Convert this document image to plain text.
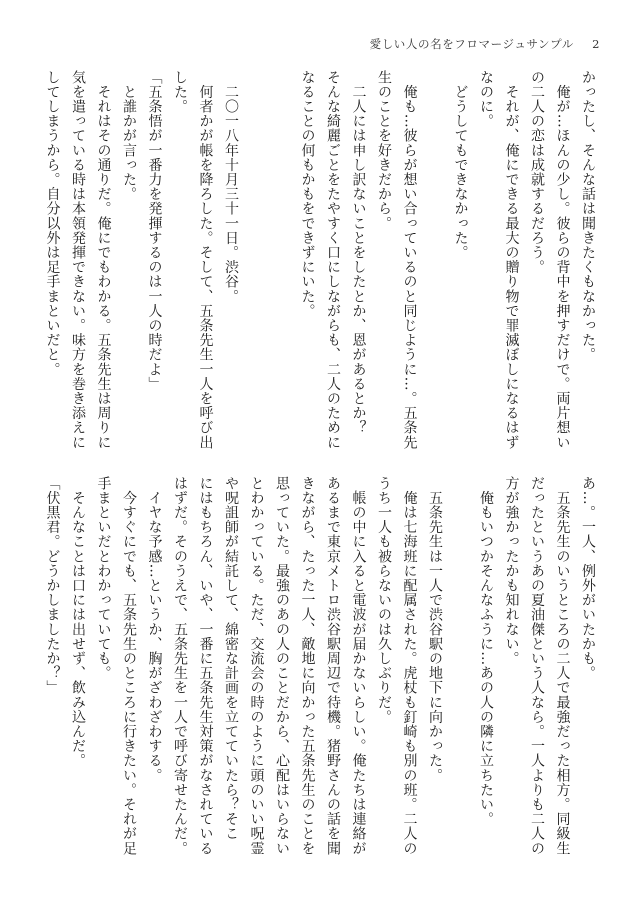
愛しい人の名をフロマージュサンプル 2
かったし、そんな話は聞きたくもなかった。
　俺が…ほんの少し。彼らの背中を押すだけで。両片想い
の二人の恋は成就するだろう。
　それが、俺にできる最大の贈り物で罪滅ぼしになるはず
なのに。
　どうしてもできなかった。

　俺も…彼らが想い合っているのと同じように…。五条先
生のことを好きだから。
　二人には申し訳ないことをしたとか、恩があるとか？
そんな綺麗ごとをたやすく口にしながらも、二人のために
なることの何もかもをできずにいた。

　二〇一八年十月三十一日。渋谷。
　何者かが帳を降ろした。そして、五条先生一人を呼び出
した。
「五条悟が一番力を発揮するのは一人の時だよ」
　と誰かが言った。
　それはその通りだ。俺にでもわかる。五条先生は周りに
気を遣っている時は本領発揮できない。味方を巻き添えに
してしまうから。自分以外は足手まといだと。
あ…。一人、例外がいたかも。
　五条先生のいうところの二人で最強だった相方。同級生
だったというあの夏油傑という人なら。一人よりも二人の
方が強かったかも知れない。
　俺もいつかそんなふうに…あの人の隣に立ちたい。

　五条先生は一人で渋谷駅の地下に向かった。
　俺は七海班に配属された。虎杖も釘崎も別の班。二人の
うち一人も被らないのは久しぶりだ。
　帳の中に入ると電波が届かないらしい。俺たちは連絡が
あるまで東京メトロ渋谷駅周辺で待機。猪野さんの話を聞
きながら、たった一人、敵地に向かった五条先生のことを
思っていた。最強のあの人のことだから、心配はいらない
とわかっている。ただ、交流会の時のように頭のいい呪霊
や呪詛師が結託して、綿密な計画を立てていたら？そこ
にはもちろん、いや、一番に五条先生対策がなされている
はずだ。そのうえで、五条先生を一人で呼び寄せたんだ。
　イヤな予感…というか、胸がざわざわする。
　今すぐにでも、五条先生のところに行きたい。それが足
手まといだとわかっていても。
　そんなことは口には出せず、飲み込んだ。
「伏黒君。どうかしましたか？」
